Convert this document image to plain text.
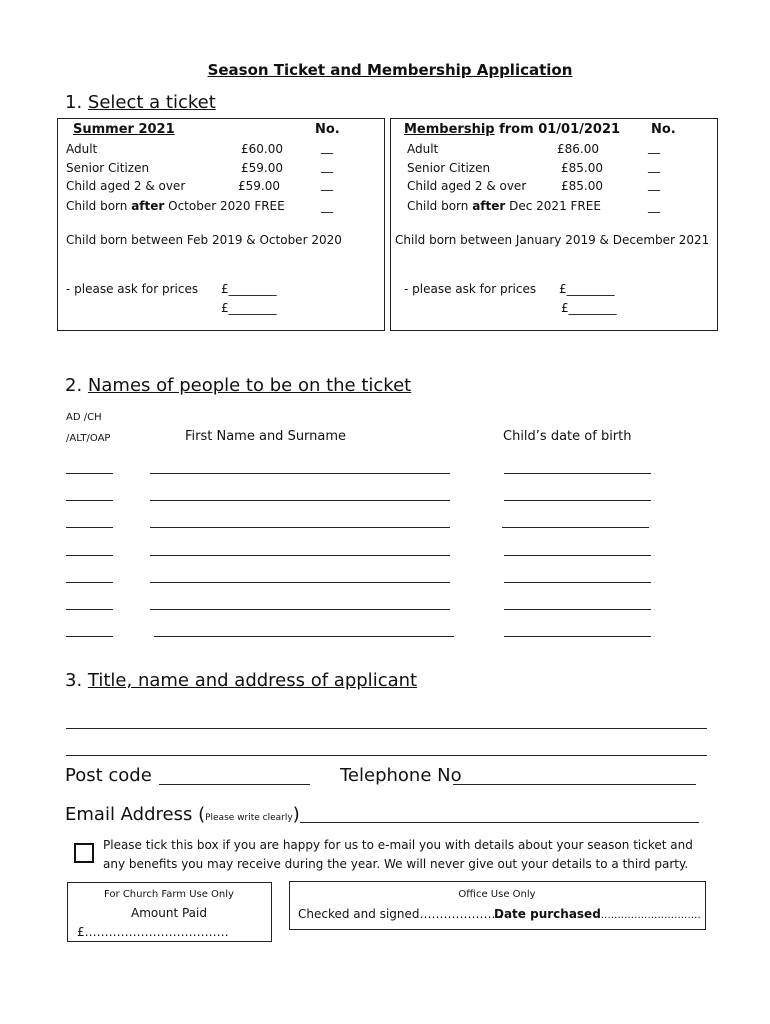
Season Ticket and Membership Application
1. Select a ticket
Summer 2021	No.
Adult	£60.00	__
Senior Citizen	£59.00	__
Child aged 2 & over	£59.00	__
Child born after October 2020 FREE	__
Child born between Feb 2019 & October 2020
- please ask for prices £________
£________
Membership from 01/01/2021 No.
Adult	£86.00	__
Senior Citizen	£85.00	__
Child aged 2 & over	£85.00	__
Child born after Dec 2021 FREE	__
Child born between January 2019 & December 2021
- please ask for prices £________
£________
2. Names of people to be on the ticket
AD /CH
/ALT/OAP	First Name and Surname	Child’s date of birth
3. Title, name and address of applicant
Post code	Telephone No
Email Address (Please write clearly)
Please tick this box if you are happy for us to e-mail you with details about your season ticket and
any benefits you may receive during the year. We will never give out your details to a third party.
For Church Farm Use Only
Amount Paid
£………………………………
Office Use Only
Checked and signed…………………
Date purchased…………………………
